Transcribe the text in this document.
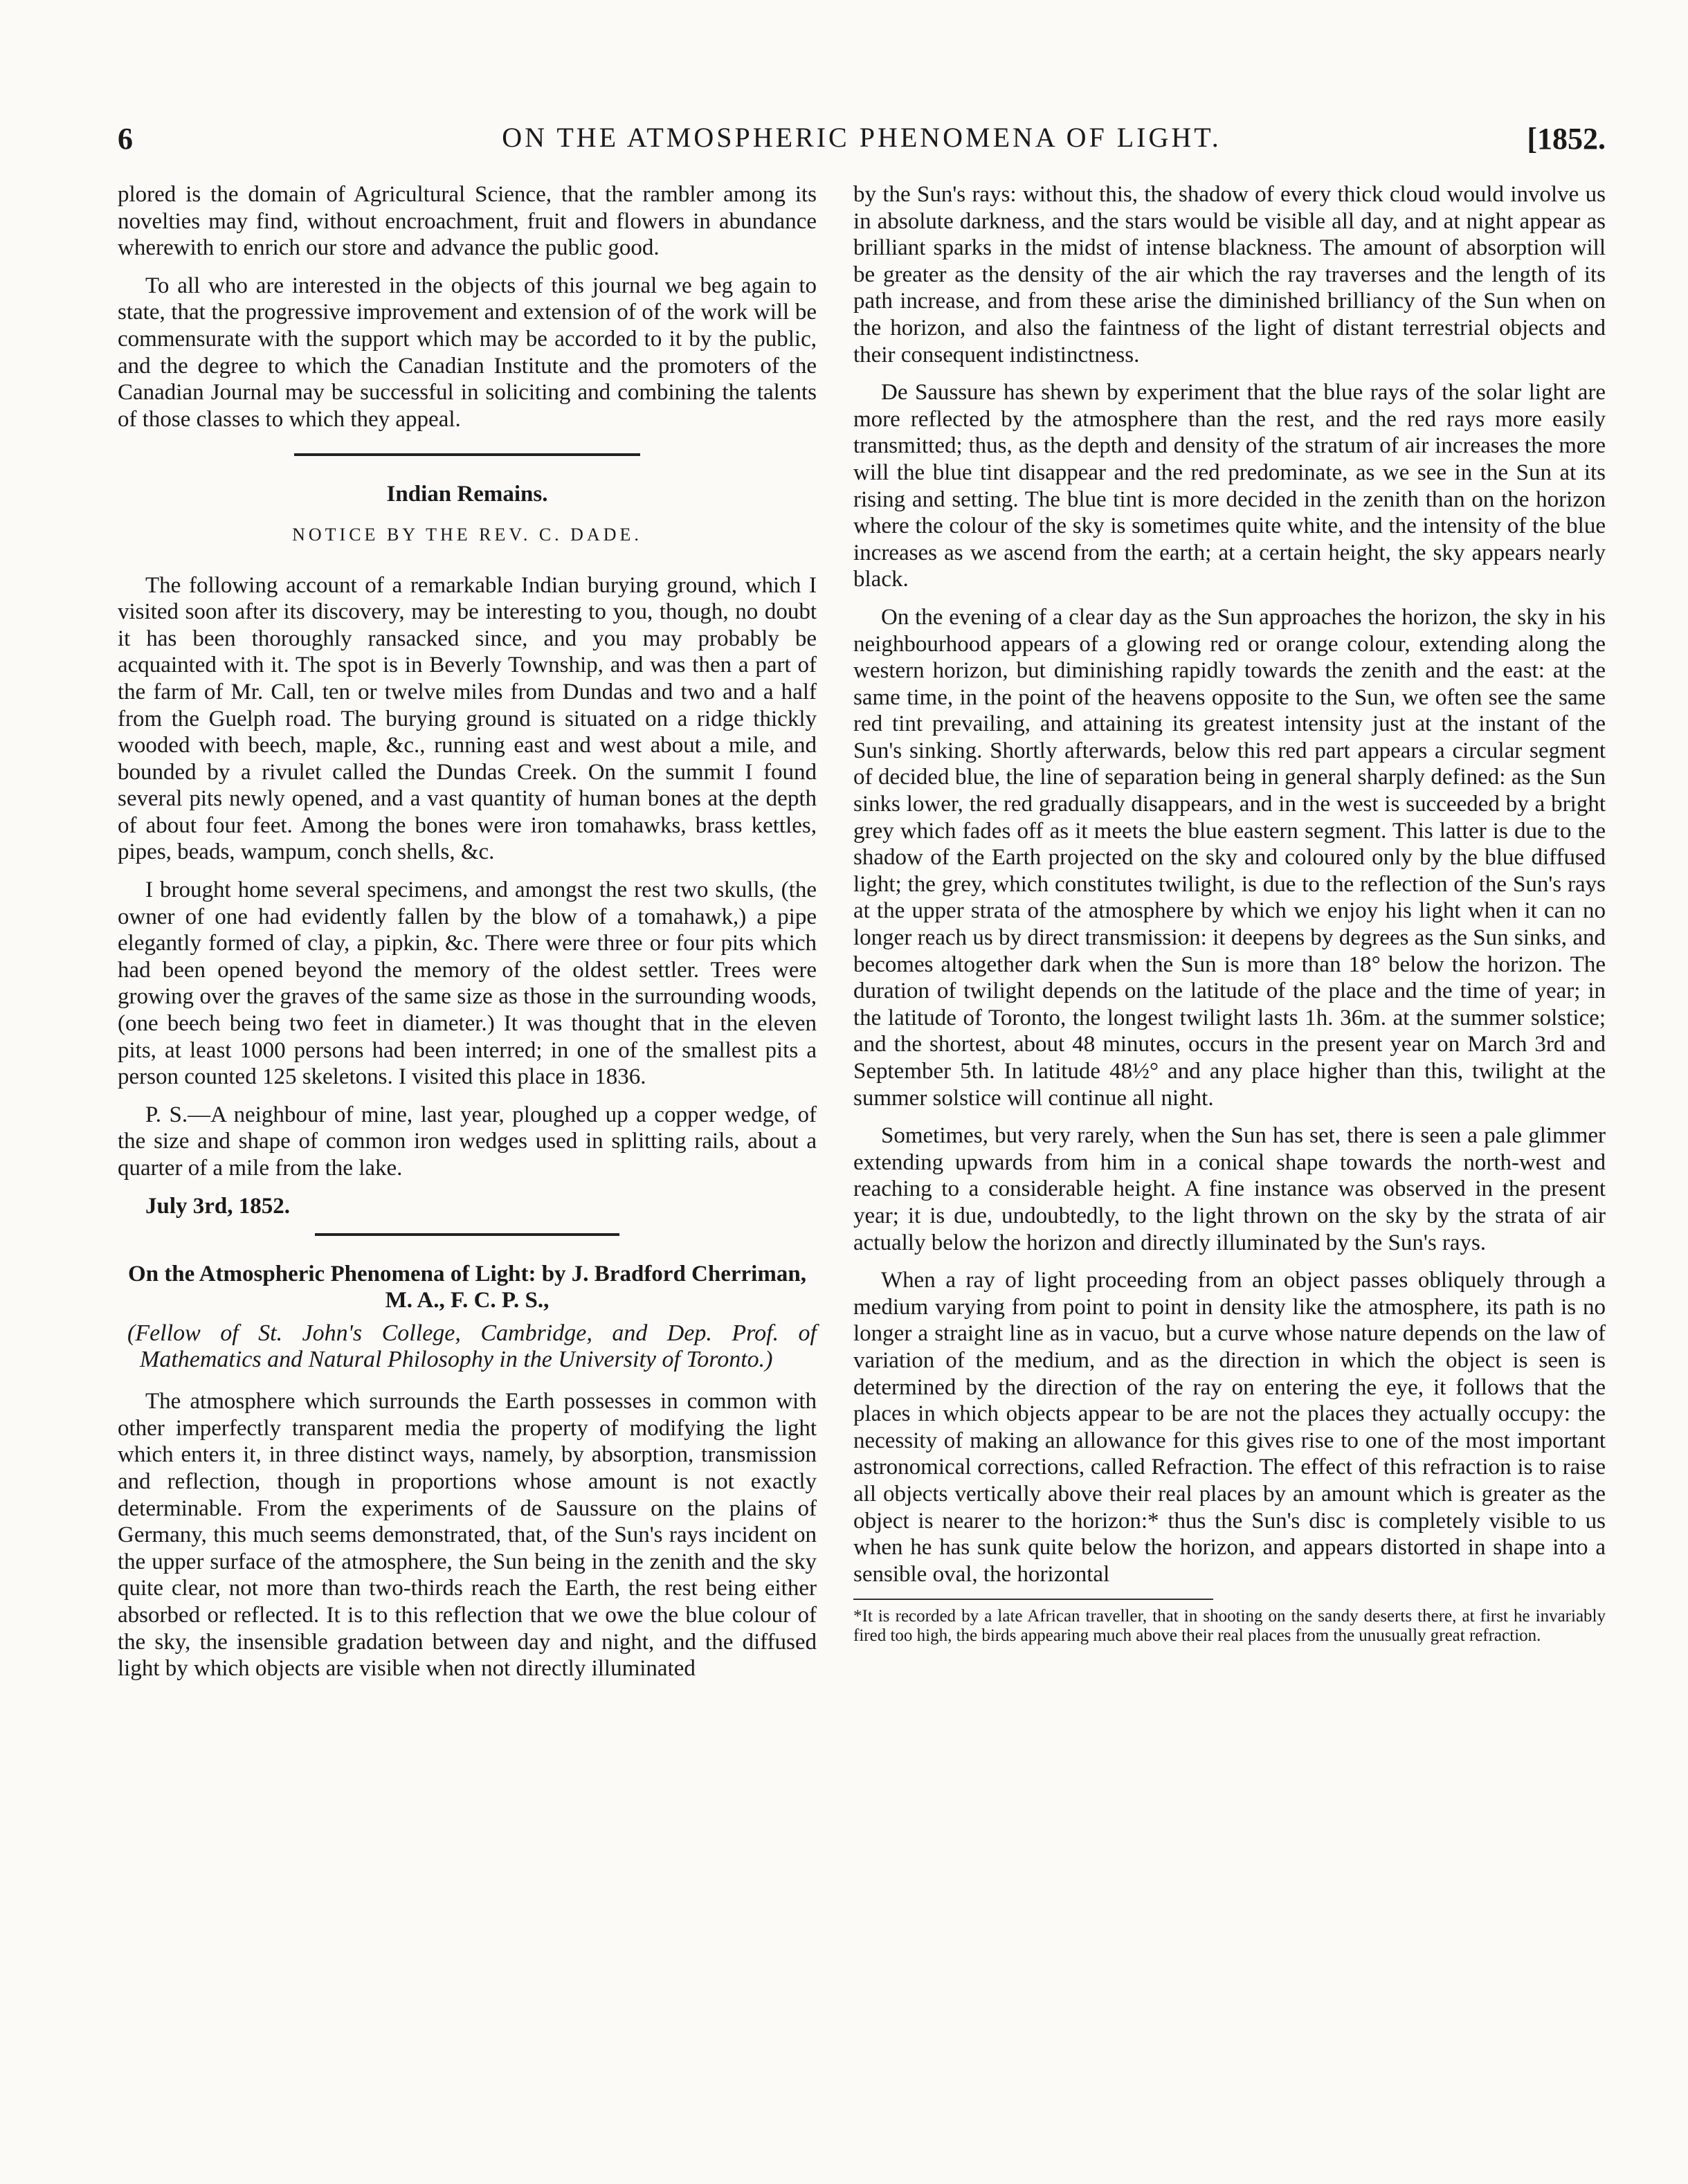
6	ON THE ATMOSPHERIC PHENOMENA OF LIGHT.	[1852.

plored is the domain of Agricultural Science, that the rambler among its novelties may find, without encroachment, fruit and flowers in abundance wherewith to enrich our store and advance the public good.

To all who are interested in the objects of this journal we beg again to state, that the progressive improvement and extension of of the work will be commensurate with the support which may be accorded to it by the public, and the degree to which the Canadian Institute and the promoters of the Canadian Journal may be successful in soliciting and combining the talents of those classes to which they appeal.

Indian Remains.
NOTICE BY THE REV. C. DADE.

The following account of a remarkable Indian burying ground, which I visited soon after its discovery, may be interesting to you, though, no doubt it has been thoroughly ransacked since, and you may probably be acquainted with it. The spot is in Beverly Township, and was then a part of the farm of Mr. Call, ten or twelve miles from Dundas and two and a half from the Guelph road. The burying ground is situated on a ridge thickly wooded with beech, maple, &c., running east and west about a mile, and bounded by a rivulet called the Dundas Creek. On the summit I found several pits newly opened, and a vast quantity of human bones at the depth of about four feet. Among the bones were iron tomahawks, brass kettles, pipes, beads, wampum, conch shells, &c.

I brought home several specimens, and amongst the rest two skulls, (the owner of one had evidently fallen by the blow of a tomahawk,) a pipe elegantly formed of clay, a pipkin, &c. There were three or four pits which had been opened beyond the memory of the oldest settler. Trees were growing over the graves of the same size as those in the surrounding woods, (one beech being two feet in diameter.) It was thought that in the eleven pits, at least 1000 persons had been interred; in one of the smallest pits a person counted 125 skeletons. I visited this place in 1836.

P. S.—A neighbour of mine, last year, ploughed up a copper wedge, of the size and shape of common iron wedges used in splitting rails, about a quarter of a mile from the lake.

July 3rd, 1852.

On the Atmospheric Phenomena of Light: by J. Bradford Cherriman, M. A., F. C. P. S.,
(Fellow of St. John's College, Cambridge, and Dep. Prof. of Mathematics and Natural Philosophy in the University of Toronto.)

The atmosphere which surrounds the Earth possesses in common with other imperfectly transparent media the property of modifying the light which enters it, in three distinct ways, namely, by absorption, transmission and reflection, though in proportions whose amount is not exactly determinable. From the experiments of de Saussure on the plains of Germany, this much seems demonstrated, that, of the Sun's rays incident on the upper surface of the atmosphere, the Sun being in the zenith and the sky quite clear, not more than two-thirds reach the Earth, the rest being either absorbed or reflected. It is to this reflection that we owe the blue colour of the sky, the insensible gradation between day and night, and the diffused light by which objects are visible when not directly illuminated

by the Sun's rays: without this, the shadow of every thick cloud would involve us in absolute darkness, and the stars would be visible all day, and at night appear as brilliant sparks in the midst of intense blackness. The amount of absorption will be greater as the density of the air which the ray traverses and the length of its path increase, and from these arise the diminished brilliancy of the Sun when on the horizon, and also the faintness of the light of distant terrestrial objects and their consequent indistinctness.

De Saussure has shewn by experiment that the blue rays of the solar light are more reflected by the atmosphere than the rest, and the red rays more easily transmitted; thus, as the depth and density of the stratum of air increases the more will the blue tint disappear and the red predominate, as we see in the Sun at its rising and setting. The blue tint is more decided in the zenith than on the horizon where the colour of the sky is sometimes quite white, and the intensity of the blue increases as we ascend from the earth; at a certain height, the sky appears nearly black.

On the evening of a clear day as the Sun approaches the horizon, the sky in his neighbourhood appears of a glowing red or orange colour, extending along the western horizon, but diminishing rapidly towards the zenith and the east: at the same time, in the point of the heavens opposite to the Sun, we often see the same red tint prevailing, and attaining its greatest intensity just at the instant of the Sun's sinking. Shortly afterwards, below this red part appears a circular segment of decided blue, the line of separation being in general sharply defined: as the Sun sinks lower, the red gradually disappears, and in the west is succeeded by a bright grey which fades off as it meets the blue eastern segment. This latter is due to the shadow of the Earth projected on the sky and coloured only by the blue diffused light; the grey, which constitutes twilight, is due to the reflection of the Sun's rays at the upper strata of the atmosphere by which we enjoy his light when it can no longer reach us by direct transmission: it deepens by degrees as the Sun sinks, and becomes altogether dark when the Sun is more than 18° below the horizon. The duration of twilight depends on the latitude of the place and the time of year; in the latitude of Toronto, the longest twilight lasts 1h. 36m. at the summer solstice; and the shortest, about 48 minutes, occurs in the present year on March 3rd and September 5th. In latitude 48½° and any place higher than this, twilight at the summer solstice will continue all night.

Sometimes, but very rarely, when the Sun has set, there is seen a pale glimmer extending upwards from him in a conical shape towards the north-west and reaching to a considerable height. A fine instance was observed in the present year; it is due, undoubtedly, to the light thrown on the sky by the strata of air actually below the horizon and directly illuminated by the Sun's rays.

When a ray of light proceeding from an object passes obliquely through a medium varying from point to point in density like the atmosphere, its path is no longer a straight line as in vacuo, but a curve whose nature depends on the law of variation of the medium, and as the direction in which the object is seen is determined by the direction of the ray on entering the eye, it follows that the places in which objects appear to be are not the places they actually occupy: the necessity of making an allowance for this gives rise to one of the most important astronomical corrections, called Refraction. The effect of this refraction is to raise all objects vertically above their real places by an amount which is greater as the object is nearer to the horizon:* thus the Sun's disc is completely visible to us when he has sunk quite below the horizon, and appears distorted in shape into a sensible oval, the horizontal

*It is recorded by a late African traveller, that in shooting on the sandy deserts there, at first he invariably fired too high, the birds appearing much above their real places from the unusually great refraction.
